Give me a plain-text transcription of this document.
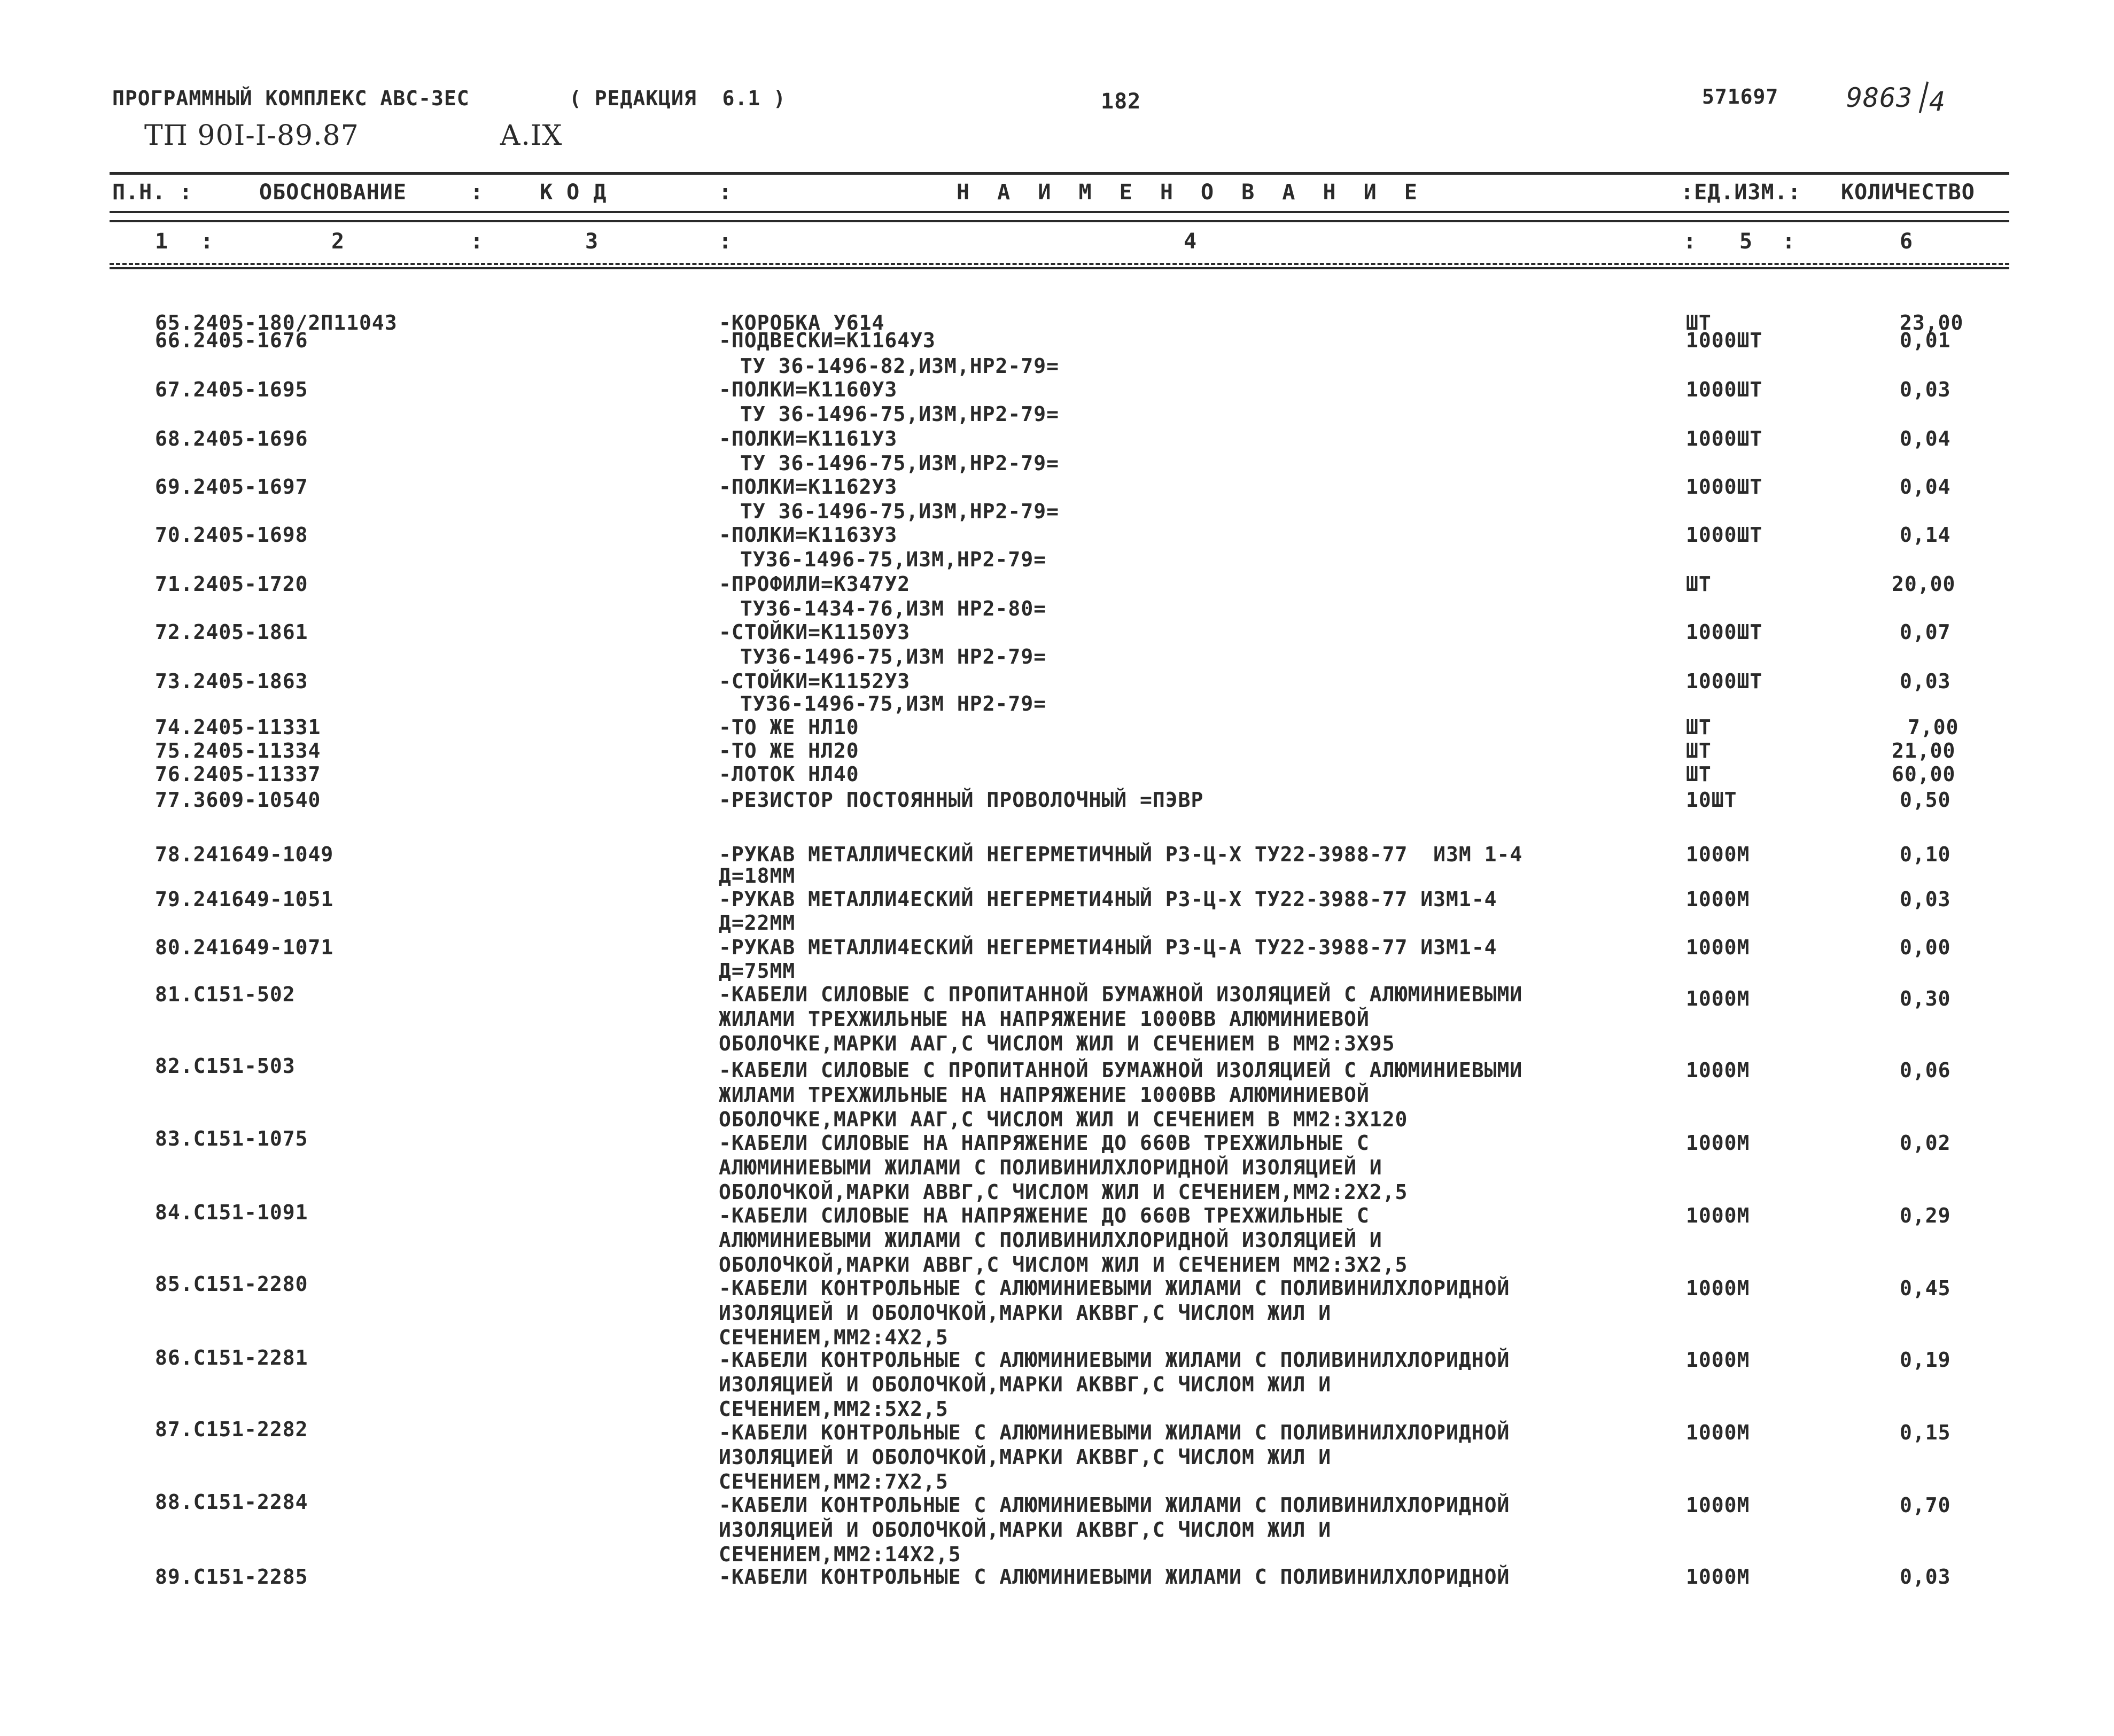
ПРОГРАММНЫЙ КОМПЛЕКС АВС-3ЕС	( РЕДАКЦИЯ  6.1 )	182	571697	9863 4
ТП 90I-I-89.87	А.IX
П.Н. :	ОБОСНОВАНИЕ	:	К О Д	:	Н А И М Е Н О В А Н И Е	:ЕД.ИЗМ.: КОЛИЧЕСТВО
1 :	2	:	3	:	4	: 5 :	6
65.2405-180/2П11043	-КОРОБКА У614	ШТ	23,00
66.2405-1676	-ПОДВЕСКИ=К1164У3
ТУ 36-1496-82,ИЗМ,НР2-79=
1000ШТ	0,01
67.2405-1695	-ПОЛКИ=К1160У3
ТУ 36-1496-75,ИЗМ,НР2-79=
1000ШТ	0,03
68.2405-1696	-ПОЛКИ=К1161У3
ТУ 36-1496-75,ИЗМ,НР2-79=
1000ШТ	0,04
69.2405-1697	-ПОЛКИ=К1162У3
ТУ 36-1496-75,ИЗМ,НР2-79=
1000ШТ	0,04
70.2405-1698	-ПОЛКИ=К1163У3
ТУ36-1496-75,ИЗМ,НР2-79=
1000ШТ	0,14
71.2405-1720	-ПРОФИЛИ=К347У2
ТУ36-1434-76,ИЗМ НР2-80=
ШТ	20,00
72.2405-1861	-СТОЙКИ=К1150У3
ТУ36-1496-75,ИЗМ НР2-79=
1000ШТ	0,07
73.2405-1863	-СТОЙКИ=К1152У3
ТУ36-1496-75,ИЗМ НР2-79=
1000ШТ	0,03
74.2405-11331	-ТО ЖЕ НЛ10	ШТ	7,00
75.2405-11334	-ТО ЖЕ НЛ20	ШТ	21,00
76.2405-11337	-ЛОТОК НЛ40	ШТ	60,00
77.3609-10540	-РЕЗИСТОР ПОСТОЯННЫЙ ПРОВОЛОЧНЫЙ =ПЭВР	10ШТ	0,50
78.241649-1049	-РУКАВ МЕТАЛЛИЧЕСКИЙ НЕГЕРМЕТИЧНЫЙ Р3-Ц-Х ТУ22-3988-77  ИЗМ 1-4
Д=18ММ
1000М	0,10
79.241649-1051	-РУКАВ МЕТАЛЛИ4ЕСКИЙ НЕГЕРМЕТИ4НЫЙ Р3-Ц-Х ТУ22-3988-77 ИЗМ1-4
Д=22ММ
1000М	0,03
80.241649-1071	-РУКАВ МЕТАЛЛИ4ЕСКИЙ НЕГЕРМЕТИ4НЫЙ Р3-Ц-А ТУ22-3988-77 ИЗМ1-4
Д=75ММ
1000М	0,00
81.С151-502	-КАБЕЛИ СИЛОВЫЕ С ПРОПИТАННОЙ БУМАЖНОЙ ИЗОЛЯЦИЕЙ С АЛЮМИНИЕВЫМИ
ЖИЛАМИ ТРЕХЖИЛЬНЫЕ НА НАПРЯЖЕНИЕ 1000ВВ АЛЮМИНИЕВОЙ
ОБОЛОЧКЕ,МАРКИ ААГ,С ЧИСЛОМ ЖИЛ И СЕЧЕНИЕМ В ММ2:3Х95
1000М	0,30
82.С151-503	-КАБЕЛИ СИЛОВЫЕ С ПРОПИТАННОЙ БУМАЖНОЙ ИЗОЛЯЦИЕЙ С АЛЮМИНИЕВЫМИ
ЖИЛАМИ ТРЕХЖИЛЬНЫЕ НА НАПРЯЖЕНИЕ 1000ВВ АЛЮМИНИЕВОЙ
ОБОЛОЧКЕ,МАРКИ ААГ,С ЧИСЛОМ ЖИЛ И СЕЧЕНИЕМ В ММ2:3Х120
1000М	0,06
83.С151-1075	-КАБЕЛИ СИЛОВЫЕ НА НАПРЯЖЕНИЕ ДО 660В ТРЕХЖИЛЬНЫЕ С
АЛЮМИНИЕВЫМИ ЖИЛАМИ С ПОЛИВИНИЛХЛОРИДНОЙ ИЗОЛЯЦИЕЙ И
ОБОЛОЧКОЙ,МАРКИ АВВГ,С ЧИСЛОМ ЖИЛ И СЕЧЕНИЕМ,ММ2:2Х2,5
1000М	0,02
84.С151-1091	-КАБЕЛИ СИЛОВЫЕ НА НАПРЯЖЕНИЕ ДО 660В ТРЕХЖИЛЬНЫЕ С
АЛЮМИНИЕВЫМИ ЖИЛАМИ С ПОЛИВИНИЛХЛОРИДНОЙ ИЗОЛЯЦИЕЙ И
ОБОЛОЧКОЙ,МАРКИ АВВГ,С ЧИСЛОМ ЖИЛ И СЕЧЕНИЕМ ММ2:3Х2,5
1000М	0,29
85.С151-2280	-КАБЕЛИ КОНТРОЛЬНЫЕ С АЛЮМИНИЕВЫМИ ЖИЛАМИ С ПОЛИВИНИЛХЛОРИДНОЙ
ИЗОЛЯЦИЕЙ И ОБОЛОЧКОЙ,МАРКИ АКВВГ,С ЧИСЛОМ ЖИЛ И
СЕЧЕНИЕМ,ММ2:4Х2,5
1000М	0,45
86.С151-2281	-КАБЕЛИ КОНТРОЛЬНЫЕ С АЛЮМИНИЕВЫМИ ЖИЛАМИ С ПОЛИВИНИЛХЛОРИДНОЙ
ИЗОЛЯЦИЕЙ И ОБОЛОЧКОЙ,МАРКИ АКВВГ,С ЧИСЛОМ ЖИЛ И
СЕЧЕНИЕМ,ММ2:5Х2,5
1000М	0,19
87.С151-2282	-КАБЕЛИ КОНТРОЛЬНЫЕ С АЛЮМИНИЕВЫМИ ЖИЛАМИ С ПОЛИВИНИЛХЛОРИДНОЙ
ИЗОЛЯЦИЕЙ И ОБОЛОЧКОЙ,МАРКИ АКВВГ,С ЧИСЛОМ ЖИЛ И
СЕЧЕНИЕМ,ММ2:7Х2,5
1000М	0,15
88.С151-2284	-КАБЕЛИ КОНТРОЛЬНЫЕ С АЛЮМИНИЕВЫМИ ЖИЛАМИ С ПОЛИВИНИЛХЛОРИДНОЙ
ИЗОЛЯЦИЕЙ И ОБОЛОЧКОЙ,МАРКИ АКВВГ,С ЧИСЛОМ ЖИЛ И
СЕЧЕНИЕМ,ММ2:14Х2,5
1000М	0,70
89.С151-2285	-КАБЕЛИ КОНТРОЛЬНЫЕ С АЛЮМИНИЕВЫМИ ЖИЛАМИ С ПОЛИВИНИЛХЛОРИДНОЙ	1000М	0,03
